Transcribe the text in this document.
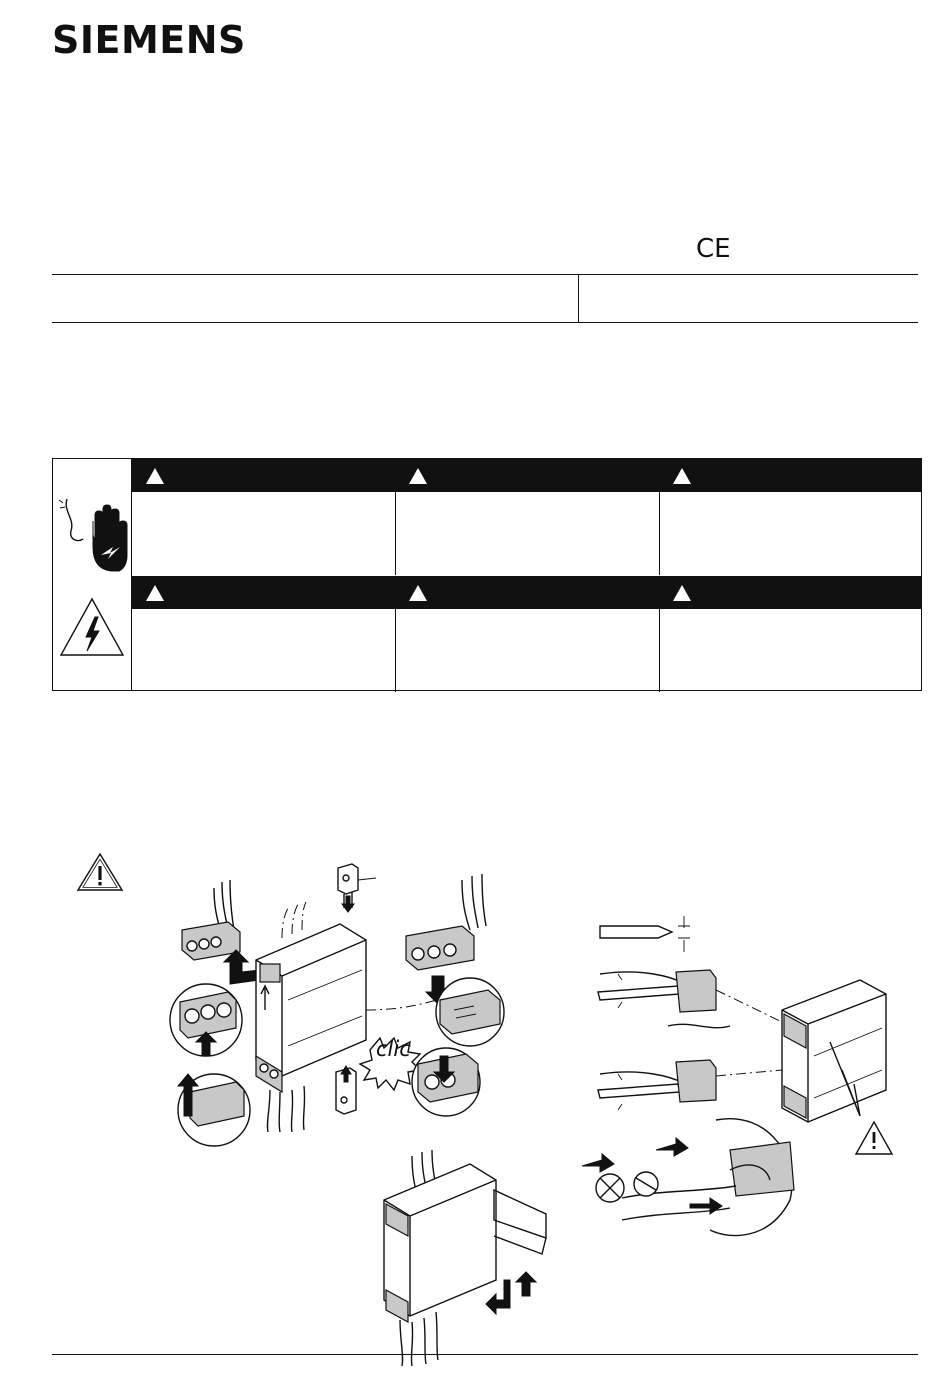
SIEMENS
CE
clic
